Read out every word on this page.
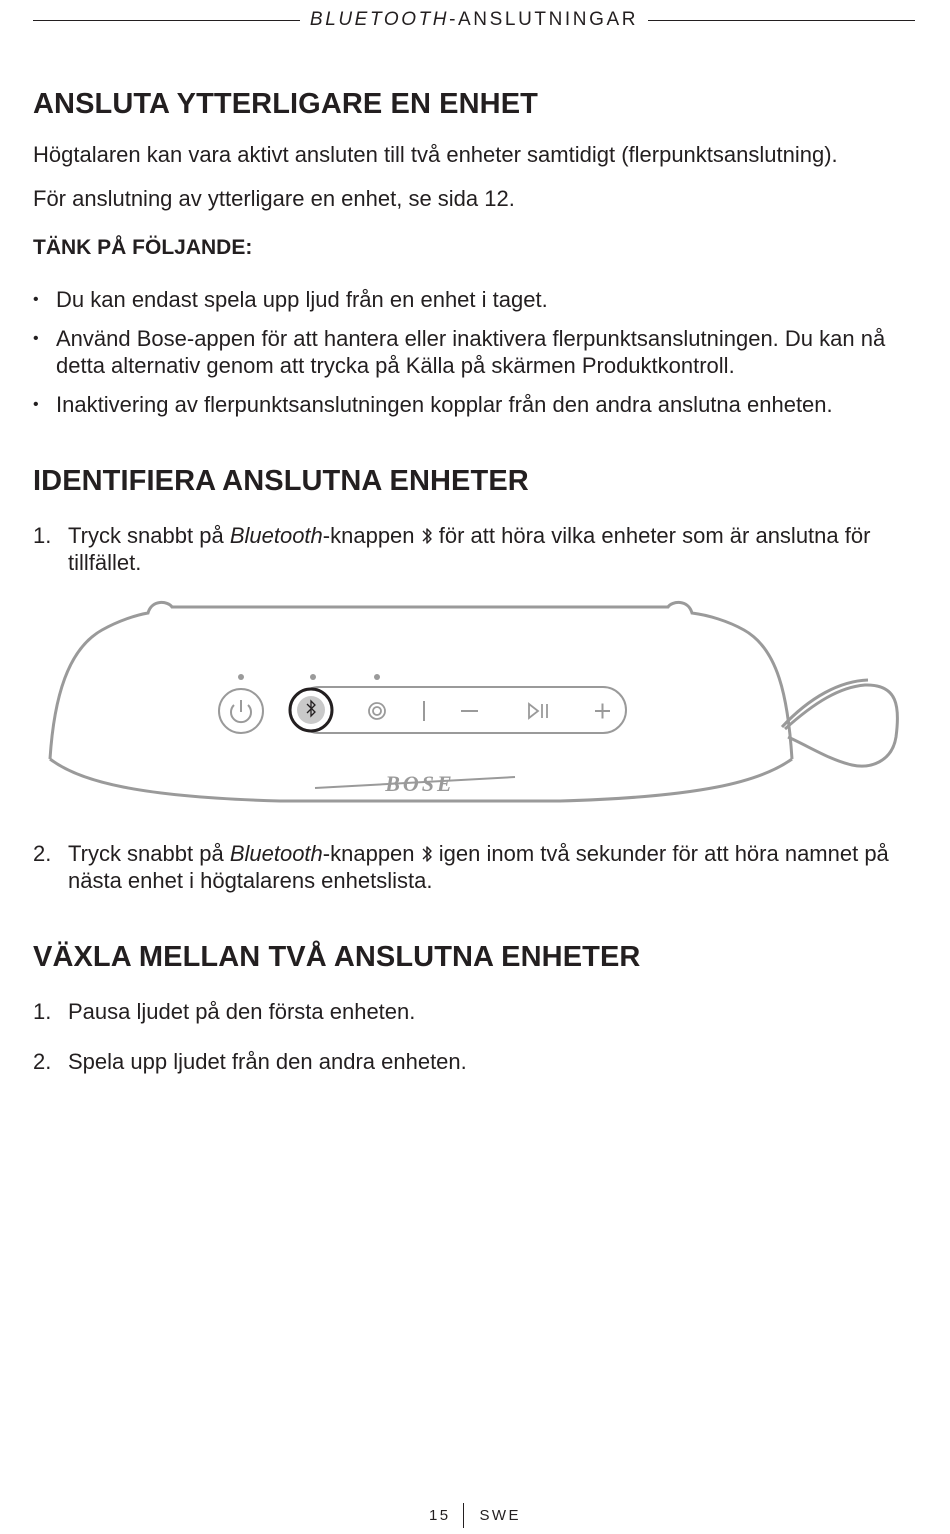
BLUETOOTH-ANSLUTNINGAR
ANSLUTA YTTERLIGARE EN ENHET

Högtalaren kan vara aktivt ansluten till två enheter samtidigt (flerpunktsanslutning).

För anslutning av ytterligare en enhet, se sida 12.

TÄNK PÅ FÖLJANDE:

• Du kan endast spela upp ljud från en enhet i taget.
• Använd Bose-appen för att hantera eller inaktivera flerpunktsanslutningen. Du kan nå detta alternativ genom att trycka på Källa på skärmen Produktkontroll.
• Inaktivering av flerpunktsanslutningen kopplar från den andra anslutna enheten.
IDENTIFIERA ANSLUTNA ENHETER
1. Tryck snabbt på Bluetooth-knappen  för att höra vilka enheter som är anslutna för tillfället.
BOSE
2. Tryck snabbt på Bluetooth-knappen  igen inom två sekunder för att höra namnet på nästa enhet i högtalarens enhetslista.
VÄXLA MELLAN TVÅ ANSLUTNA ENHETER
1. Pausa ljudet på den första enheten.
2. Spela upp ljudet från den andra enheten.
15 SWE
